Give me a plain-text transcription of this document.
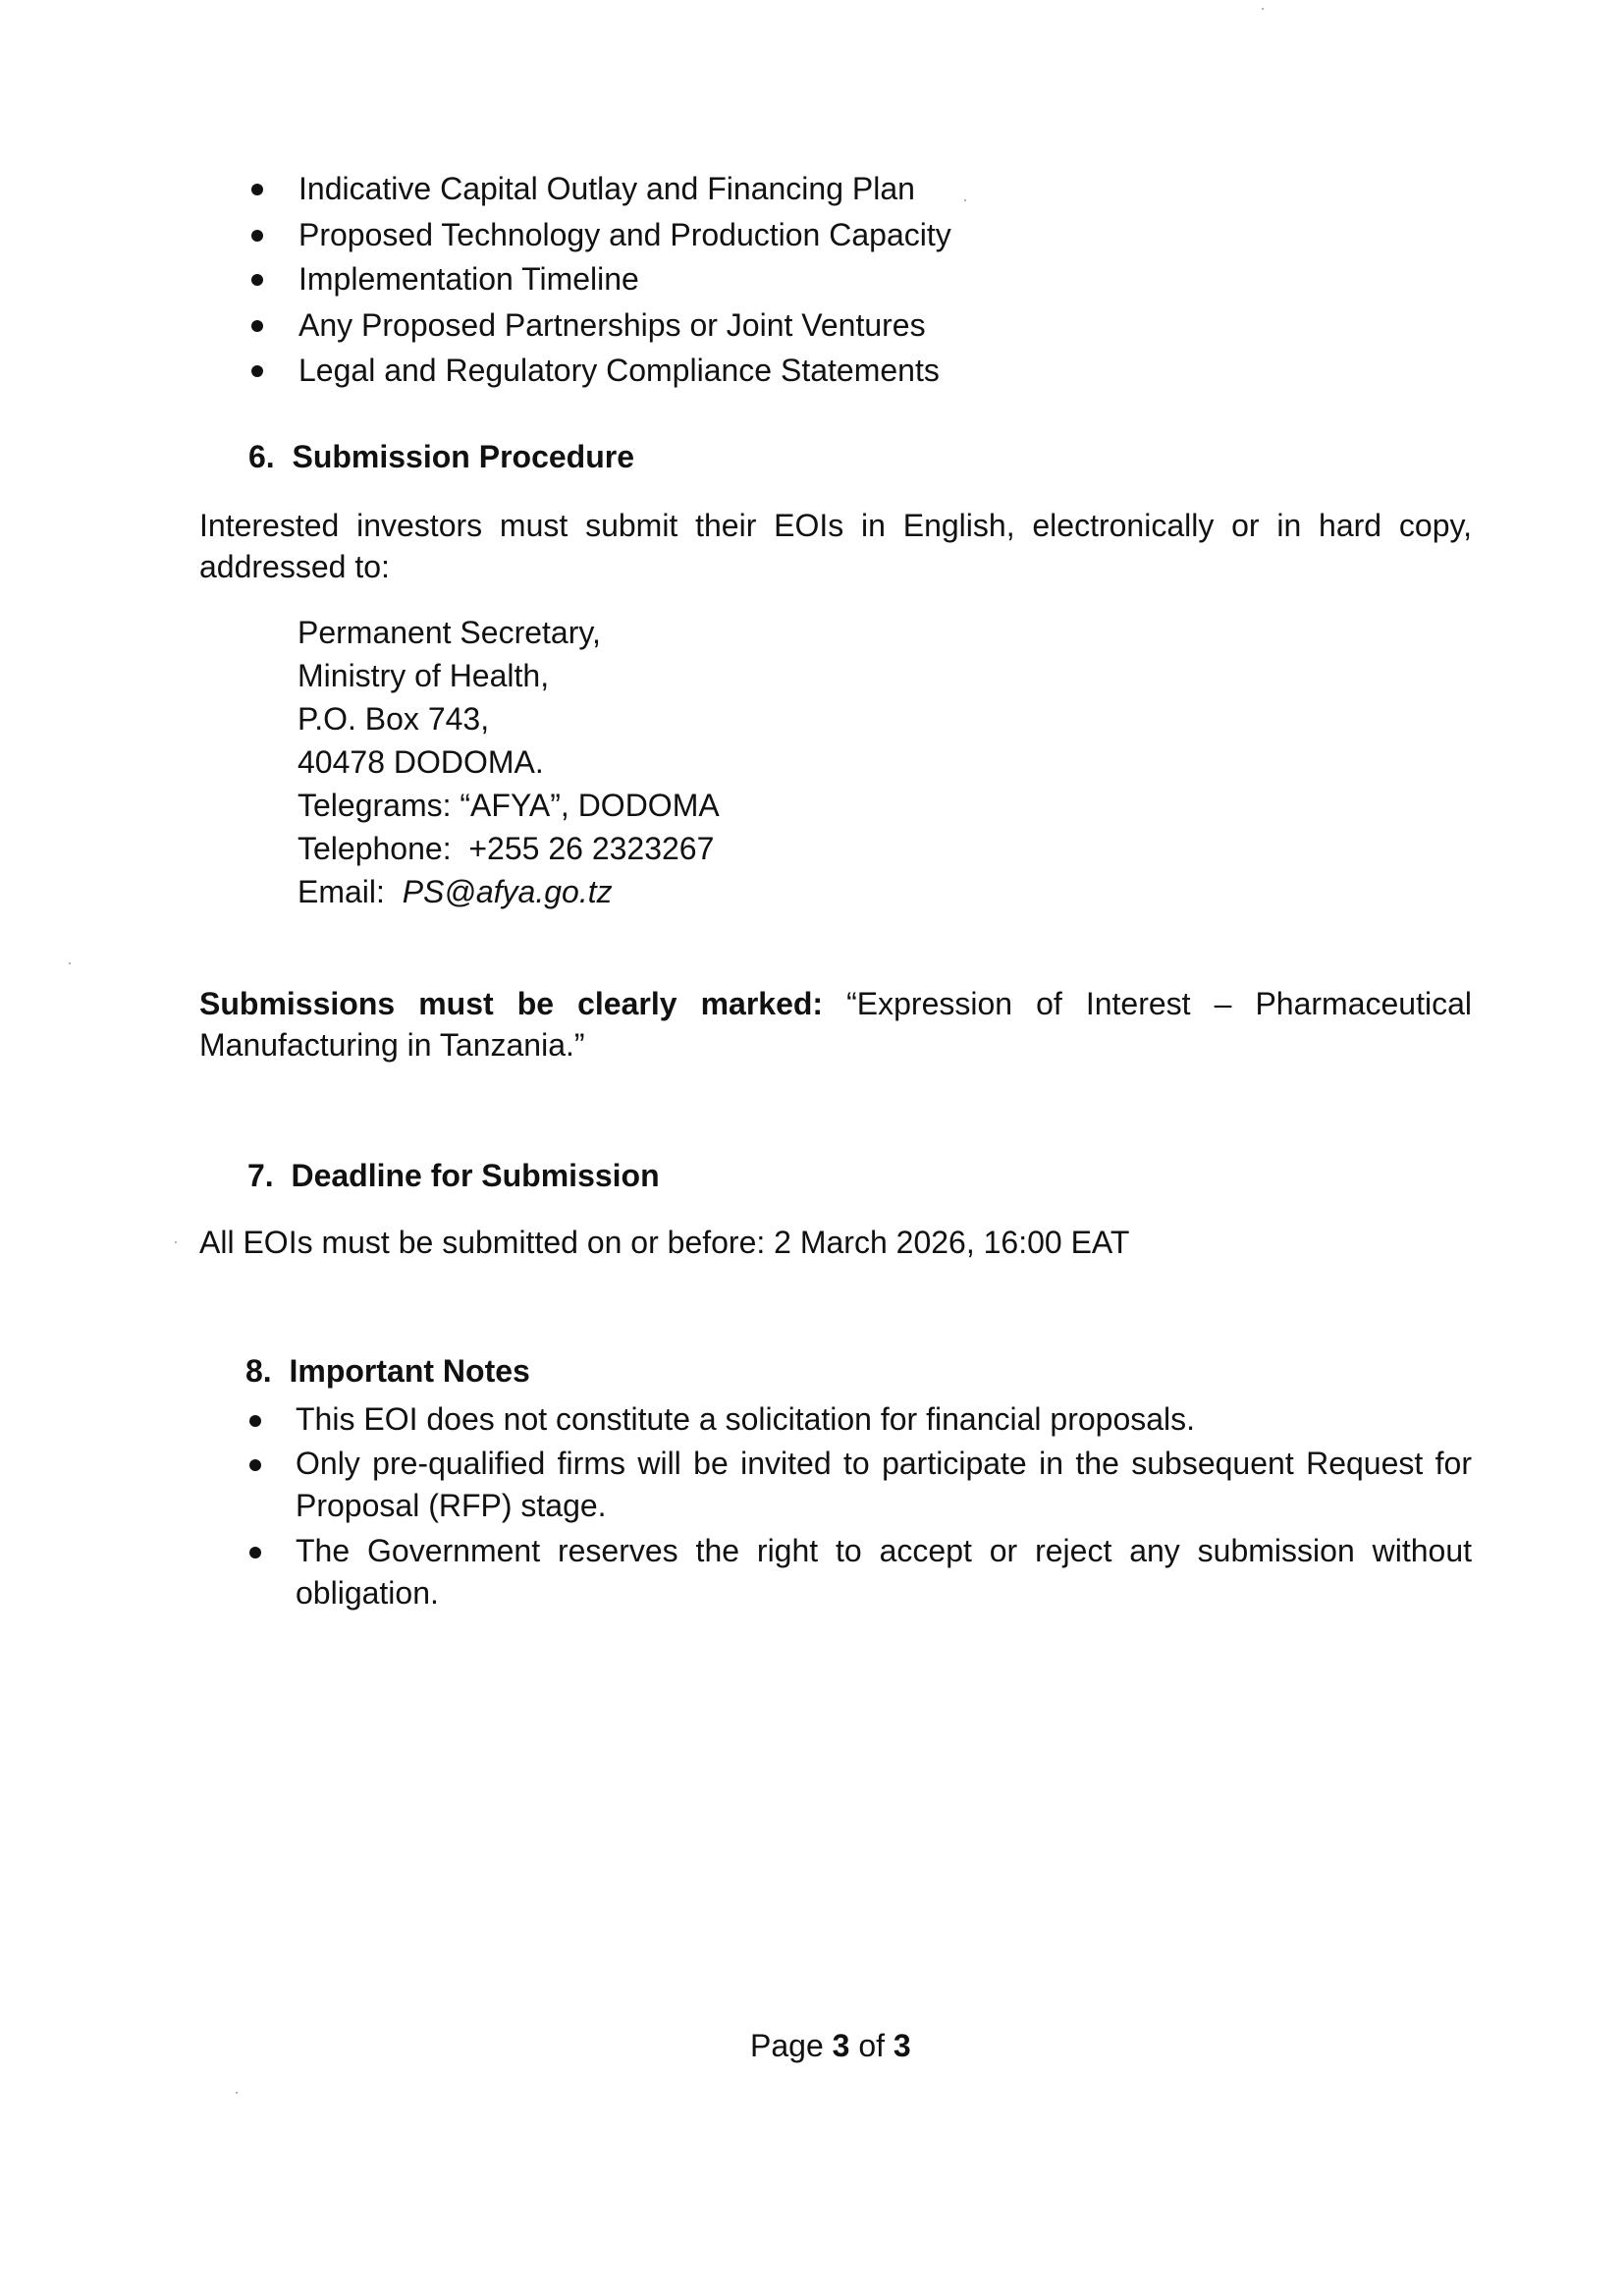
Indicative Capital Outlay and Financing Plan
Proposed Technology and Production Capacity
Implementation Timeline
Any Proposed Partnerships or Joint Ventures
Legal and Regulatory Compliance Statements
6. Submission Procedure
Interested investors must submit their EOIs in English, electronically or in hard copy, addressed to:
Permanent Secretary,
Ministry of Health,
P.O. Box 743,
40478 DODOMA.
Telegrams: “AFYA”, DODOMA
Telephone: +255 26 2323267
Email: PS@afya.go.tz
Submissions must be clearly marked: “Expression of Interest – Pharmaceutical Manufacturing in Tanzania.”
7. Deadline for Submission
All EOIs must be submitted on or before: 2 March 2026, 16:00 EAT
8. Important Notes
This EOI does not constitute a solicitation for financial proposals.
Only pre-qualified firms will be invited to participate in the subsequent Request for Proposal (RFP) stage.
The Government reserves the right to accept or reject any submission without obligation.
Page 3 of 3
